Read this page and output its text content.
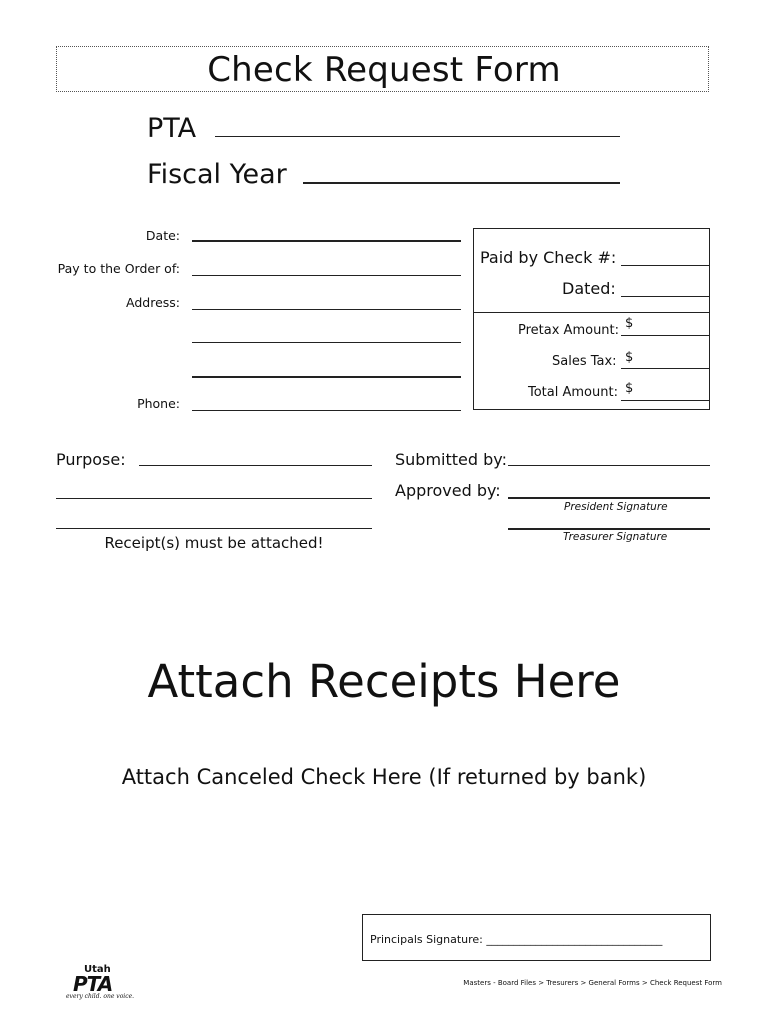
Check Request Form
PTA
Fiscal Year
Date:
Pay to the Order of:
Address:
Phone:
Paid by Check #:
Dated:
Pretax Amount: $
Sales Tax: $
Total Amount: $
Purpose:
Receipt(s) must be attached!
Submitted by:
Approved by:
President Signature
Treasurer Signature
Attach Receipts Here
Attach Canceled Check Here (If returned by bank)
Principals Signature: ________________________________
Utah
PTA
every child. one voice.
Masters - Board Files > Tresurers > General Forms > Check Request Form
